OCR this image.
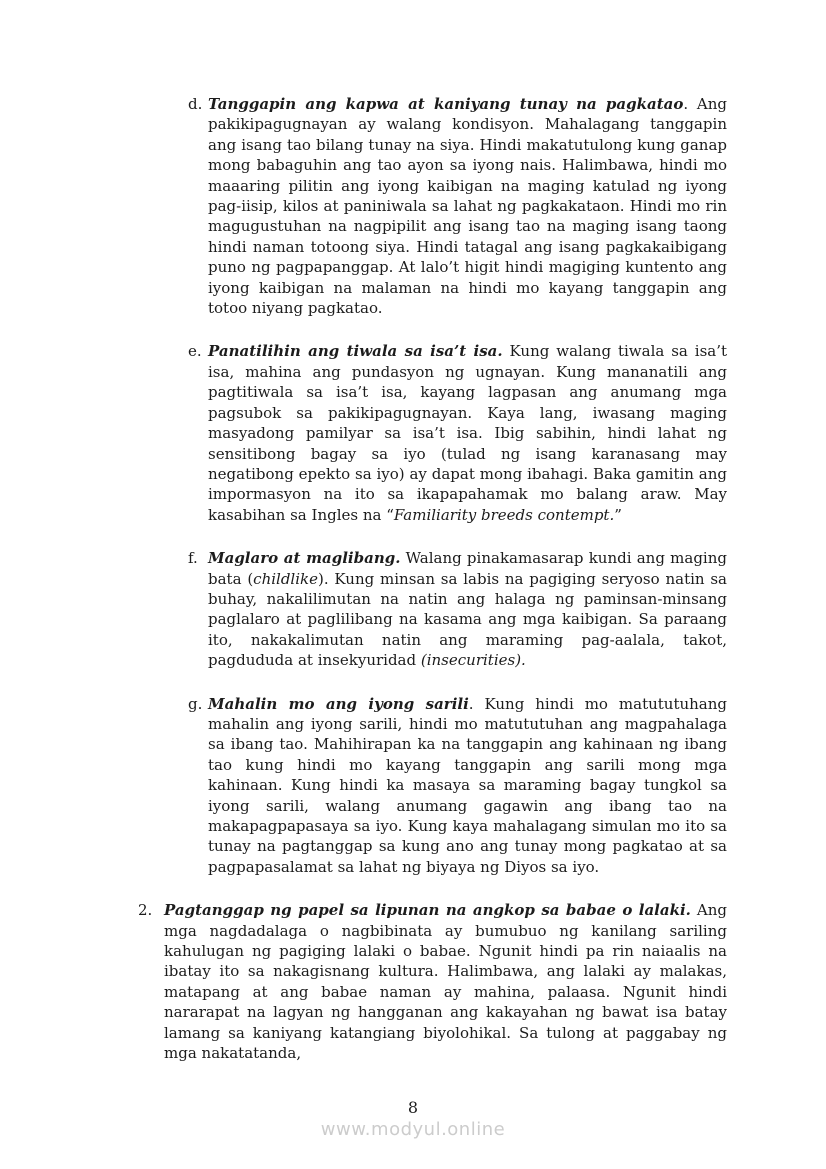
d. Tanggapin ang kapwa at kaniyang tunay na pagkatao. Ang pakikipagugnayan ay walang kondisyon. Mahalagang tanggapin ang isang tao bilang tunay na siya. Hindi makatutulong kung ganap mong babaguhin ang tao ayon sa iyong nais. Halimbawa, hindi mo maaaring pilitin ang iyong kaibigan na maging katulad ng iyong pag-iisip, kilos at paniniwala sa lahat ng pagkakataon. Hindi mo rin magugustuhan na nagpipilit ang isang tao na maging isang taong hindi naman totoong siya. Hindi tatagal ang isang pagkakaibigang puno ng pagpapanggap. At lalo’t higit hindi magiging kuntento ang iyong kaibigan na malaman na hindi mo kayang tanggapin ang totoo niyang pagkatao.
e. Panatilihin ang tiwala sa isa’t isa. Kung walang tiwala sa isa’t isa, mahina ang pundasyon ng ugnayan. Kung mananatili ang pagtitiwala sa isa’t isa, kayang lagpasan ang anumang mga pagsubok sa pakikipagugnayan. Kaya lang, iwasang maging masyadong pamilyar sa isa’t isa. Ibig sabihin, hindi lahat ng sensitibong bagay sa iyo (tulad ng isang karanasang may negatibong epekto sa iyo) ay dapat mong ibahagi. Baka gamitin ang impormasyon na ito sa ikapapahamak mo balang araw. May kasabihan sa Ingles na “Familiarity breeds contempt.”
f. Maglaro at maglibang. Walang pinakamasarap kundi ang maging bata (childlike). Kung minsan sa labis na pagiging seryoso natin sa buhay, nakalilimutan na natin ang halaga ng paminsan-minsang paglalaro at paglilibang na kasama ang mga kaibigan. Sa paraang ito, nakakalimutan natin ang maraming pag-aalala, takot, pagdududa at insekyuridad (insecurities).
g. Mahalin mo ang iyong sarili. Kung hindi mo matututuhang mahalin ang iyong sarili, hindi mo matututuhan ang magpahalaga sa ibang tao. Mahihirapan ka na tanggapin ang kahinaan ng ibang tao kung hindi mo kayang tanggapin ang sarili mong mga kahinaan. Kung hindi ka masaya sa maraming bagay tungkol sa iyong sarili, walang anumang gagawin ang ibang tao na makapagpapasaya sa iyo. Kung kaya mahalagang simulan mo ito sa tunay na pagtanggap sa kung ano ang tunay mong pagkatao at sa pagpapasalamat sa lahat ng biyaya ng Diyos sa iyo.
2. Pagtanggap ng papel sa lipunan na angkop sa babae o lalaki. Ang mga nagdadalaga o nagbibinata ay bumubuo ng kanilang sariling kahulugan ng pagiging lalaki o babae. Ngunit hindi pa rin naiaalis na ibatay ito sa nakagisnang kultura. Halimbawa, ang lalaki ay malakas, matapang at ang babae naman ay mahina, palaasa. Ngunit hindi nararapat na lagyan ng hangganan ang kakayahan ng bawat isa batay lamang sa kaniyang katangiang biyolohikal. Sa tulong at paggabay ng mga nakatatanda,
8
www.modyul.online
